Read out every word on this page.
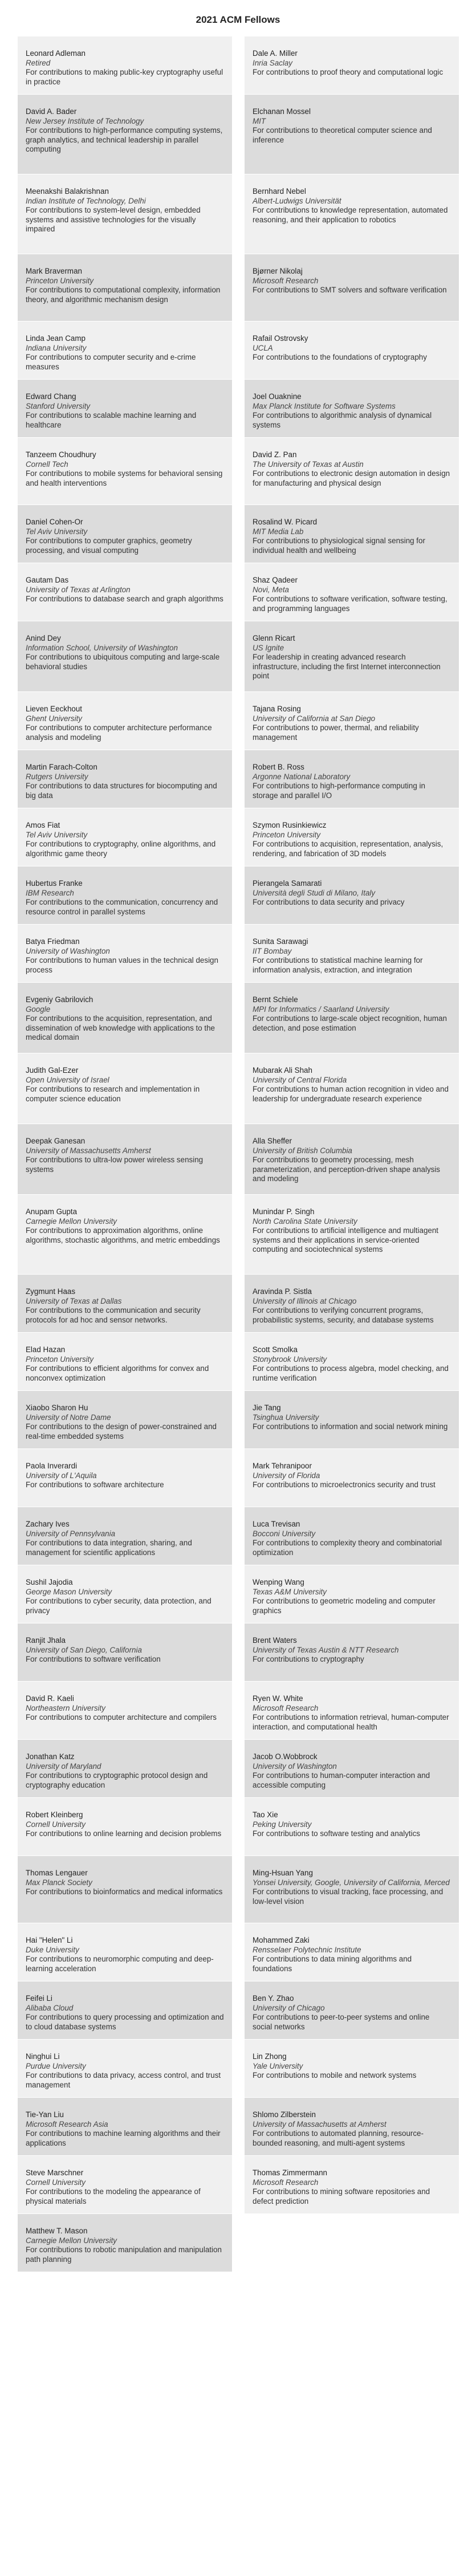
2021 ACM Fellows
Leonard Adleman
Retired
For contributions to making public-key cryptography useful in practice
Dale A. Miller
Inria Saclay
For contributions to proof theory and computational logic
David A. Bader
New Jersey Institute of Technology
For contributions to high-performance computing systems, graph analytics, and technical leadership in parallel computing
Elchanan Mossel
MIT
For contributions to theoretical computer science and inference
Meenakshi Balakrishnan
Indian Institute of Technology, Delhi
For contributions to system-level design, embedded systems and assistive technologies for the visually impaired
Bernhard Nebel
Albert-Ludwigs Universität
For contributions to knowledge representation, automated reasoning, and their application to robotics
Mark Braverman
Princeton University
For contributions to computational complexity, information theory, and algorithmic mechanism design
Bjørner Nikolaj
Microsoft Research
For contributions to SMT solvers and software verification
Linda Jean Camp
Indiana University
For contributions to computer security and e-crime measures
Rafail Ostrovsky
UCLA
For contributions to the foundations of cryptography
Edward Chang
Stanford University
For contributions to scalable machine learning and healthcare
Joel Ouaknine
Max Planck Institute for Software Systems
For contributions to algorithmic analysis of dynamical systems
Tanzeem Choudhury
Cornell Tech
For contributions to mobile systems for behavioral sensing and health interventions
David Z. Pan
The University of Texas at Austin
For contributions to electronic design automation in design for manufacturing and physical design
Daniel Cohen-Or
Tel Aviv University
For contributions to computer graphics, geometry processing, and visual computing
Rosalind W. Picard
MIT Media Lab
For contributions to physiological signal sensing for individual health and wellbeing
Gautam Das
University of Texas at Arlington
For contributions to database search and graph algorithms
Shaz Qadeer
Novi, Meta
For contributions to software verification, software testing, and programming languages
Anind Dey
Information School, University of Washington
For contributions to ubiquitous computing and large-scale behavioral studies
Glenn Ricart
US Ignite
For leadership in creating advanced research infrastructure, including the first Internet interconnection point
Lieven Eeckhout
Ghent University
For contributions to computer architecture performance analysis and modeling
Tajana Rosing
University of California at San Diego
For contributions to power, thermal, and reliability management
Martin Farach-Colton
Rutgers University
For contributions to data structures for biocomputing and big data
Robert B. Ross
Argonne National Laboratory
For contributions to high-performance computing in storage and parallel I/O
Amos Fiat
Tel Aviv University
For contributions to cryptography, online algorithms, and algorithmic game theory
Szymon Rusinkiewicz
Princeton University
For contributions to acquisition, representation, analysis, rendering, and fabrication of 3D models
Hubertus Franke
IBM Research
For contributions to the communication, concurrency and resource control in parallel systems
Pierangela Samarati
Università degli Studi di Milano, Italy
For contributions to data security and privacy
Batya Friedman
University of Washington
For contributions to human values in the technical design process
Sunita Sarawagi
IIT Bombay
For contributions to statistical machine learning for information analysis, extraction, and integration
Evgeniy Gabrilovich
Google
For contributions to the acquisition, representation, and dissemination of web knowledge with applications to the medical domain
Bernt Schiele
MPI for Informatics / Saarland University
For contributions to large-scale object recognition, human detection, and pose estimation
Judith Gal-Ezer
Open University of Israel
For contributions to research and implementation in computer science education
Mubarak Ali Shah
University of Central Florida
For contributions to human action recognition in video and leadership for undergraduate research experience
Deepak Ganesan
University of Massachusetts Amherst
For contributions to ultra-low power wireless sensing systems
Alla Sheffer
University of British Columbia
For contributions to geometry processing, mesh parameterization, and perception-driven shape analysis and modeling
Anupam Gupta
Carnegie Mellon University
For contributions to approximation algorithms, online algorithms, stochastic algorithms, and metric embeddings
Munindar P. Singh
North Carolina State University
For contributions to artificial intelligence and multiagent systems and their applications in service-oriented computing and sociotechnical systems
Zygmunt Haas
University of Texas at Dallas
For contributions to the communication and security protocols for ad hoc and sensor networks.
Aravinda P. Sistla
University of Illinois at Chicago
For contributions to verifying concurrent programs, probabilistic systems, security, and database systems
Elad Hazan
Princeton University
For contributions to efficient algorithms for convex and nonconvex optimization
Scott Smolka
Stonybrook University
For contributions to process algebra, model checking, and runtime verification
Xiaobo Sharon Hu
University of Notre Dame
For contributions to the design of power-constrained and real-time embedded systems
Jie Tang
Tsinghua University
For contributions to information and social network mining
Paola Inverardi
University of L'Aquila
For contributions to software architecture
Mark Tehranipoor
University of Florida
For contributions to microelectronics security and trust
Zachary Ives
University of Pennsylvania
For contributions to data integration, sharing, and management for scientific applications
Luca Trevisan
Bocconi University
For contributions to complexity theory and combinatorial optimization
Sushil Jajodia
George Mason University
For contributions to cyber security, data protection, and privacy
Wenping Wang
Texas A&M University
For contributions to geometric modeling and computer graphics
Ranjit Jhala
University of San Diego, California
For contributions to software verification
Brent Waters
University of Texas Austin & NTT Research
For contributions to cryptography
David R. Kaeli
Northeastern University
For contributions to computer architecture and compilers
Ryen W. White
Microsoft Research
For contributions to information retrieval, human-computer interaction, and computational health
Jonathan Katz
University of Maryland
For contributions to cryptographic protocol design and cryptography education
Jacob O.Wobbrock
University of Washington
For contributions to human-computer interaction and accessible computing
Robert Kleinberg
Cornell University
For contributions to online learning and decision problems
Tao Xie
Peking University
For contributions to software testing and analytics
Thomas Lengauer
Max Planck Society
For contributions to bioinformatics and medical informatics
Ming-Hsuan Yang
Yonsei University, Google, University of California, Merced
For contributions to visual tracking, face processing, and low-level vision
Hai "Helen" Li
Duke University
For contributions to neuromorphic computing and deep-learning acceleration
Mohammed Zaki
Rensselaer Polytechnic Institute
For contributions to data mining algorithms and foundations
Feifei Li
Alibaba Cloud
For contributions to query processing and optimization and to cloud database systems
Ben Y. Zhao
University of Chicago
For contributions to peer-to-peer systems and online social networks
Ninghui Li
Purdue University
For contributions to data privacy, access control, and trust management
Lin Zhong
Yale University
For contributions to mobile and network systems
Tie-Yan Liu
Microsoft Research Asia
For contributions to machine learning algorithms and their applications
Shlomo Zilberstein
University of Massachusetts at Amherst
For contributions to automated planning, resource-bounded reasoning, and multi-agent systems
Steve Marschner
Cornell University
For contributions to the modeling the appearance of physical materials
Thomas Zimmermann
Microsoft Research
For contributions to mining software repositories and defect prediction
Matthew T. Mason
Carnegie Mellon University
For contributions to robotic manipulation and manipulation path planning
